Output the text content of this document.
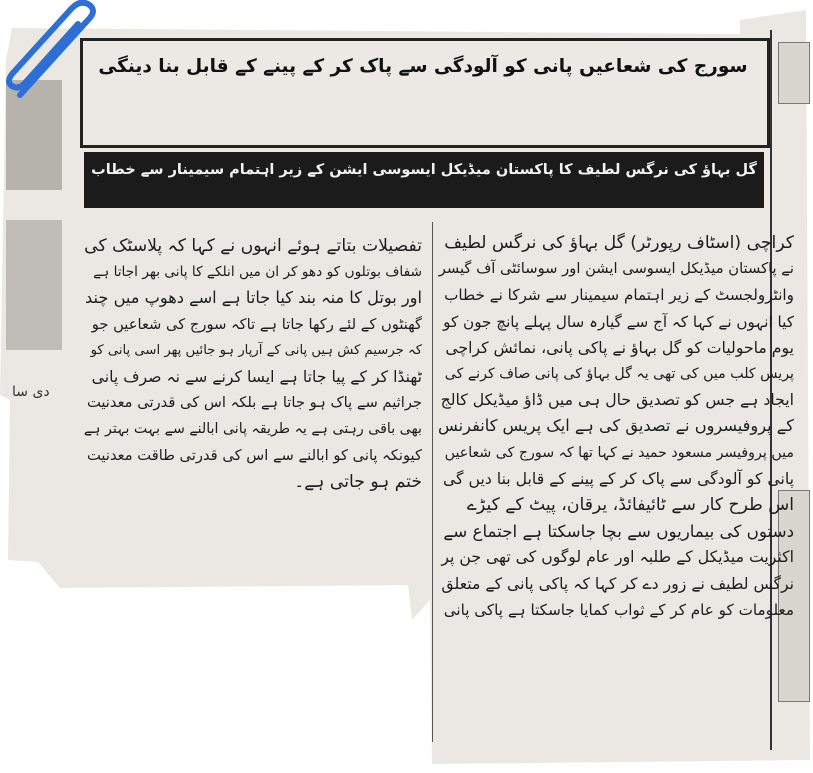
دی سا
سورج کی شعاعیں پانی کو آلودگی سے پاک کر کے پینے کے قابل بنا دینگی
گل بہاؤ کی نرگس لطیف کا پاکستان میڈیکل ایسوسی ایشن کے زیر اہتمام سیمینار سے خطاب

کراچی (اسٹاف رپورٹر) گل بہاؤ کی نرگس لطیف

نے پاکستان میڈیکل ایسوسی ایشن اور سوسائٹی آف گیسر

وانٹرولجسٹ کے زیر اہتمام سیمینار سے شرکا نے خطاب

کیا انہوں نے کہا کہ آج سے گیارہ سال پہلے پانچ جون کو

یوم ماحولیات کو گل بہاؤ نے پاکی پانی، نمائش کراچی

پریس کلب میں کی تھی یہ گل بہاؤ کی پانی صاف کرنے کی

ایجاد ہے جس کو تصدیق حال ہی میں ڈاؤ میڈیکل کالج

کے پروفیسروں نے تصدیق کی ہے ایک پریس کانفرنس

میں پروفیسر مسعود حمید نے کہا تھا کہ سورج کی شعاعیں

پانی کو آلودگی سے پاک کر کے پینے کے قابل بنا دیں گی

اس طرح کار سے ٹائیفائڈ، یرقان، پیٹ کے کیڑے

دستوں کی بیماریوں سے بچا جاسکتا ہے اجتماع سے

اکثریت میڈیکل کے طلبہ اور عام لوگوں کی تھی جن پر

نرگس لطیف نے زور دے کر کہا کہ پاکی پانی کے متعلق

معلومات کو عام کر کے ثواب کمایا جاسکتا ہے پاکی پانی

تفصیلات بتاتے ہوئے انہوں نے کہا کہ پلاسٹک کی

شفاف بوتلوں کو دھو کر ان میں انلکے کا پانی بھر اجاتا ہے

اور بوتل کا منہ بند کیا جاتا ہے اسے دھوپ میں چند

گھنٹوں کے لئے رکھا جاتا ہے تاکہ سورج کی شعاعیں جو

کہ جرسیم کش ہیں پانی کے آرپار ہو جائیں پھر اسی پانی کو

ٹھنڈا کر کے پیا جاتا ہے ایسا کرنے سے نہ صرف پانی

جراثیم سے پاک ہو جاتا ہے بلکہ اس کی قدرتی معدنیت

بھی باقی رہتی ہے یہ طریقہ پانی ابالنے سے بہت بہتر ہے

کیونکہ پانی کو ابالنے سے اس کی قدرتی طاقت معدنیت

ختم ہو جاتی ہے۔
